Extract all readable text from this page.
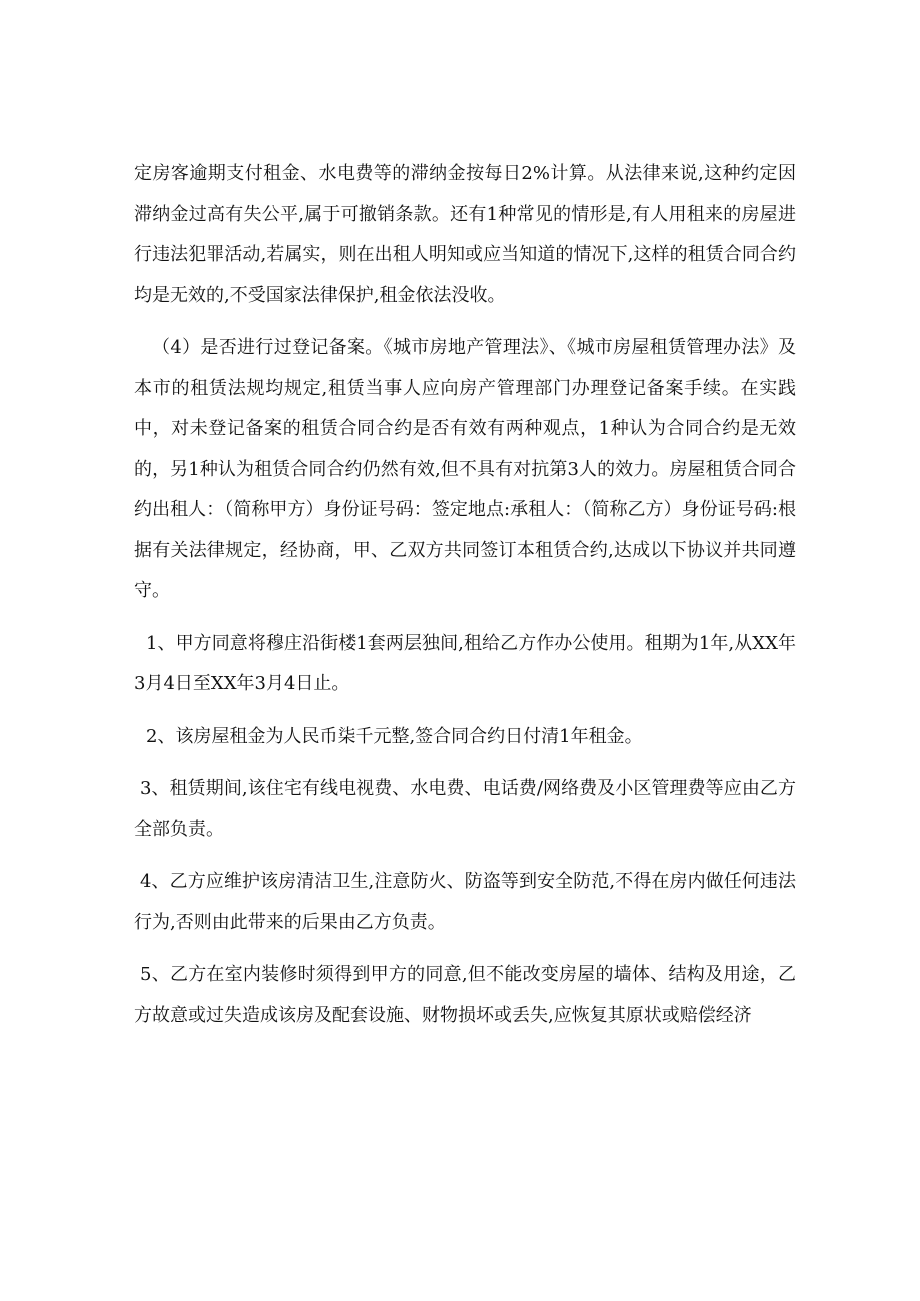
定房客逾期支付租金、水电费等的滞纳金按每日2%计算。从法律来说,这种约定因滞纳金过高有失公平,属于可撤销条款。还有1种常见的情形是,有人用租来的房屋进行违法犯罪活动,若属实，则在出租人明知或应当知道的情况下,这样的租赁合同合约均是无效的,不受国家法律保护,租金依法没收。

（4）是否进行过登记备案。《城市房地产管理法》、《城市房屋租赁管理办法》及本市的租赁法规均规定,租赁当事人应向房产管理部门办理登记备案手续。在实践中，对未登记备案的租赁合同合约是否有效有两种观点，1种认为合同合约是无效的，另1种认为租赁合同合约仍然有效,但不具有对抗第3人的效力。房屋租赁合同合约出租人：（简称甲方）身份证号码：签定地点:承租人：（简称乙方）身份证号码:根据有关法律规定，经协商，甲、乙双方共同签订本租赁合约,达成以下协议并共同遵守。

1、甲方同意将穆庄沿街楼1套两层独间,租给乙方作办公使用。租期为1年,从XX年3月4日至XX年3月4日止。

2、该房屋租金为人民币柒千元整,签合同合约日付清1年租金。

3、租赁期间,该住宅有线电视费、水电费、电话费/网络费及小区管理费等应由乙方全部负责。

4、乙方应维护该房清洁卫生,注意防火、防盗等到安全防范,不得在房内做任何违法行为,否则由此带来的后果由乙方负责。

5、乙方在室内装修时须得到甲方的同意,但不能改变房屋的墙体、结构及用途，乙方故意或过失造成该房及配套设施、财物损坏或丢失,应恢复其原状或赔偿经济
